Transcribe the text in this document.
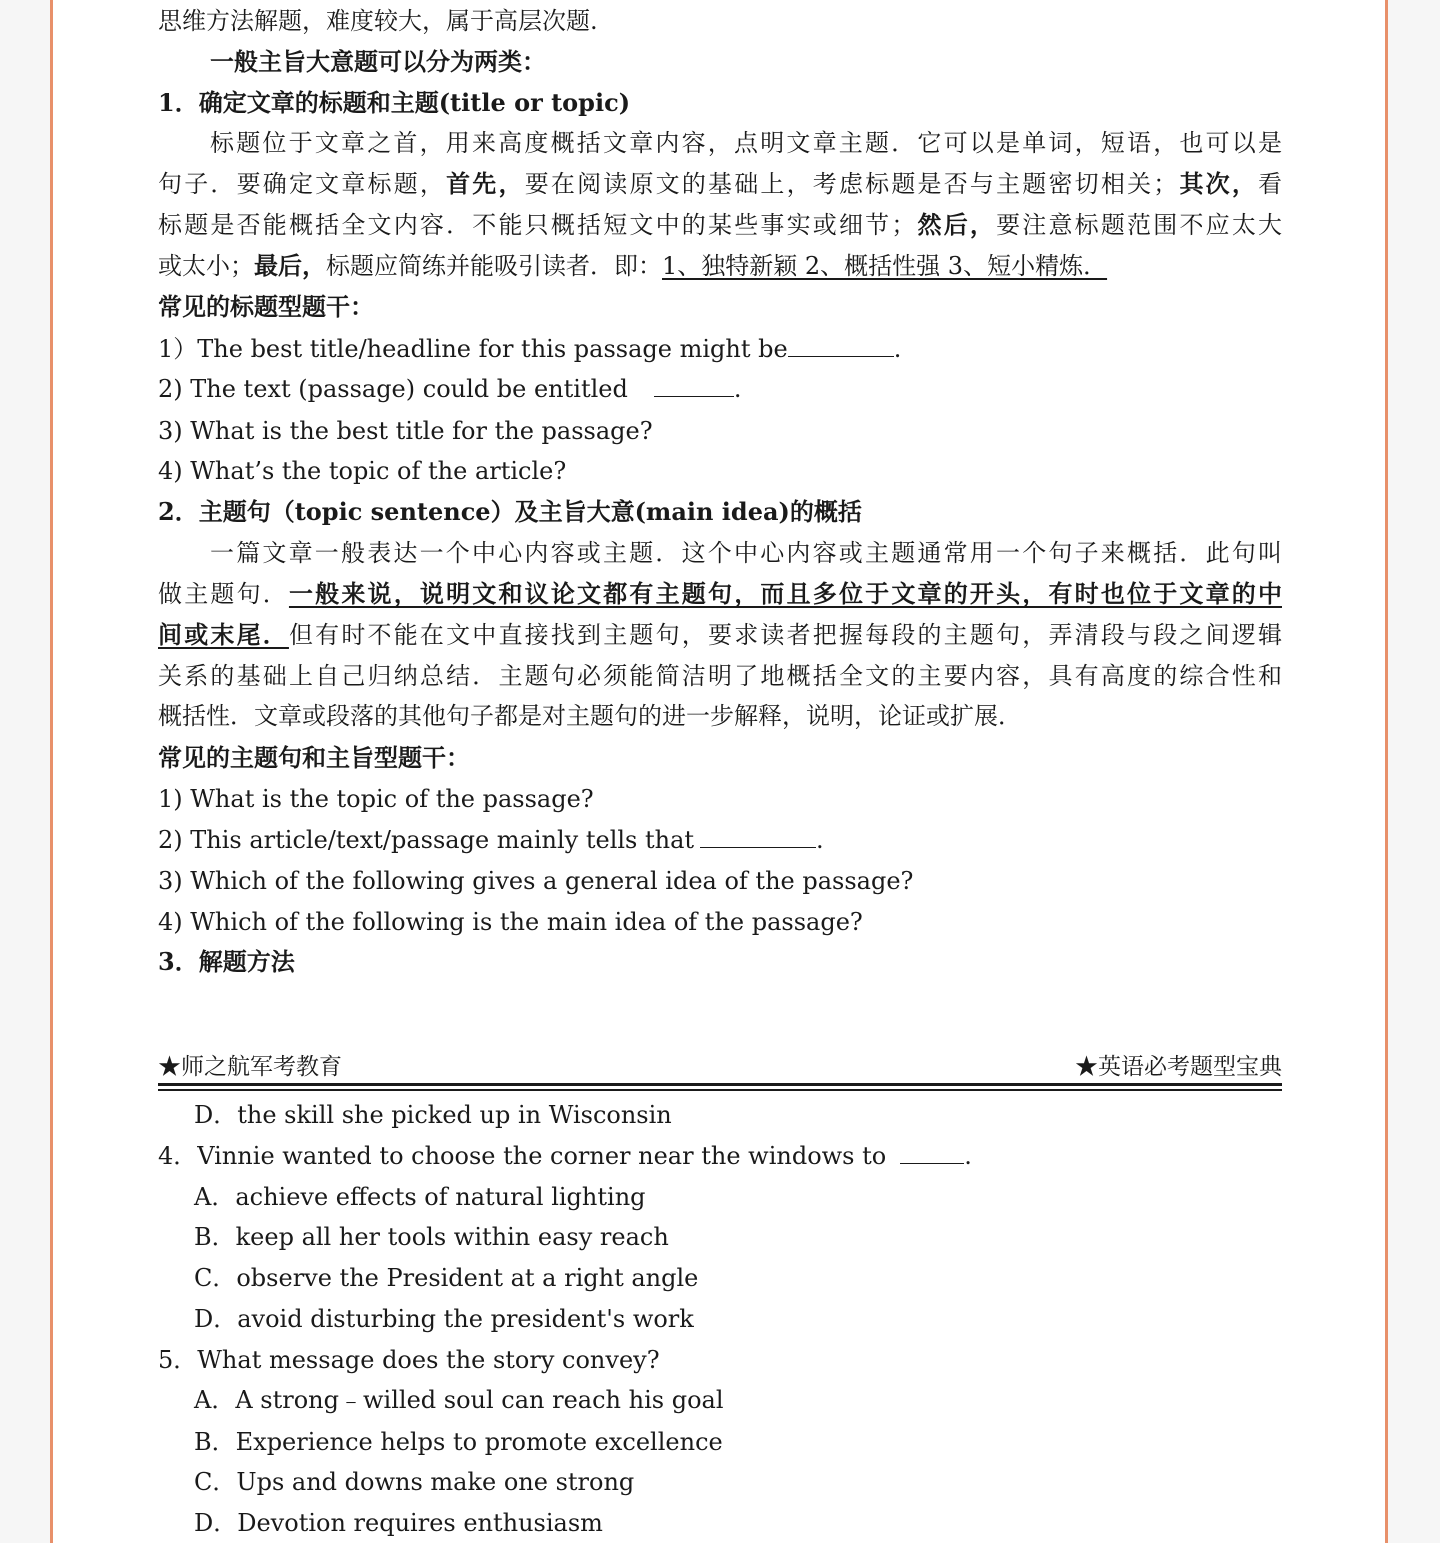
思维方法解题，难度较大，属于高层次题.
一般主旨大意题可以分为两类：
1．确定文章的标题和主题(title or topic)
标题位于文章之首，用来高度概括文章内容，点明文章主题．它可以是单词，短语，也可以是
句子．要确定文章标题，首先，要在阅读原文的基础上，考虑标题是否与主题密切相关；其次，看
标题是否能概括全文内容．不能只概括短文中的某些事实或细节；然后，要注意标题范围不应太大
或太小；最后，标题应简练并能吸引读者．即：1、独特新颖 2、概括性强 3、短小精炼．
常见的标题型题干：
1）The best title/headline for this passage might be	.
2) The text (passage) could be entitled	.
3) What is the best title for the passage?
4) What’s the topic of the article?
2．主题句（topic sentence）及主旨大意(main idea)的概括
一篇文章一般表达一个中心内容或主题．这个中心内容或主题通常用一个句子来概括．此句叫
做主题句．一般来说，说明文和议论文都有主题句，而且多位于文章的开头，有时也位于文章的中
间或末尾．但有时不能在文中直接找到主题句，要求读者把握每段的主题句，弄清段与段之间逻辑
关系的基础上自己归纳总结．主题句必须能简洁明了地概括全文的主要内容，具有高度的综合性和
概括性．文章或段落的其他句子都是对主题句的进一步解释，说明，论证或扩展．
常见的主题句和主旨型题干：
1) What is the topic of the passage?
2) This article/text/passage mainly tells that	.
3) Which of the following gives a general idea of the passage?
4) Which of the following is the main idea of the passage?
3．解题方法
★师之航军考教育	★英语必考题型宝典
D．the skill she picked up in Wisconsin
4．Vinnie wanted to choose the corner near the windows to	.
A．achieve effects of natural lighting
B．keep all her tools within easy reach
C．observe the President at a right angle
D．avoid disturbing the president's work
5．What message does the story convey?
A．A strong﹣willed soul can reach his goal
B．Experience helps to promote excellence
C．Ups and downs make one strong
D．Devotion requires enthusiasm
